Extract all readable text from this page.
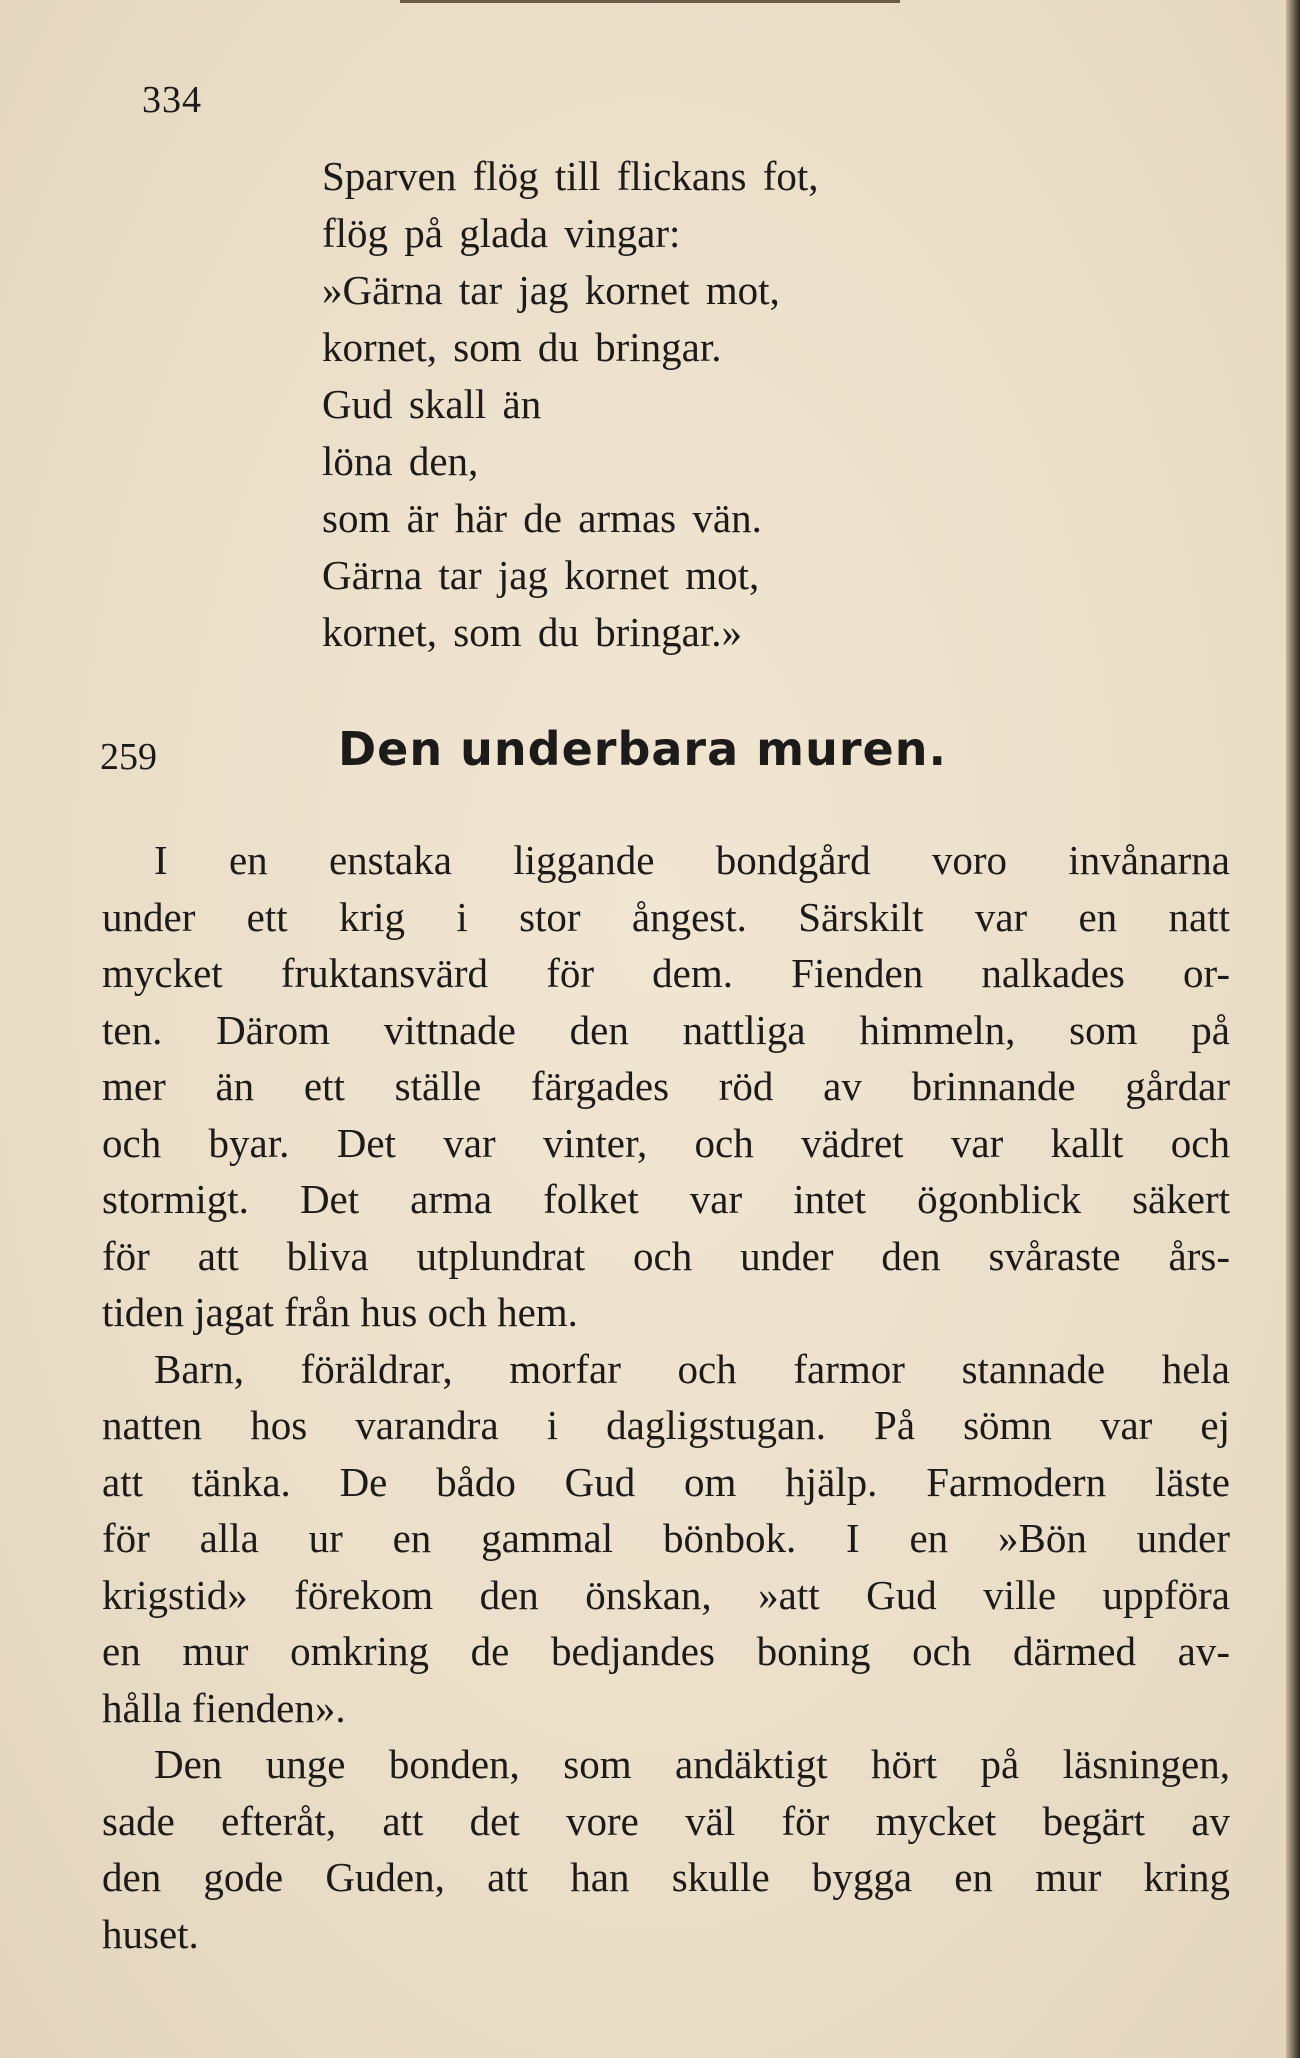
334
Sparven flög till flickans fot,
flög på glada vingar:
»Gärna tar jag kornet mot,
kornet, som du bringar.
Gud skall än
löna den,
som är här de armas vän.
Gärna tar jag kornet mot,
kornet, som du bringar.»
259	Den underbara muren.
I en enstaka liggande bondgård voro invånarna
under ett krig i stor ångest. Särskilt var en natt
mycket fruktansvärd för dem. Fienden nalkades or-
ten. Därom vittnade den nattliga himmeln, som på
mer än ett ställe färgades röd av brinnande gårdar
och byar. Det var vinter, och vädret var kallt och
stormigt. Det arma folket var intet ögonblick säkert
för att bliva utplundrat och under den svåraste års-
tiden jagat från hus och hem.
Barn, föräldrar, morfar och farmor stannade hela
natten hos varandra i dagligstugan. På sömn var ej
att tänka. De bådo Gud om hjälp. Farmodern läste
för alla ur en gammal bönbok. I en »Bön under
krigstid» förekom den önskan, »att Gud ville uppföra
en mur omkring de bedjandes boning och därmed av-
hålla fienden».
Den unge bonden, som andäktigt hört på läsningen,
sade efteråt, att det vore väl för mycket begärt av
den gode Guden, att han skulle bygga en mur kring
huset.
